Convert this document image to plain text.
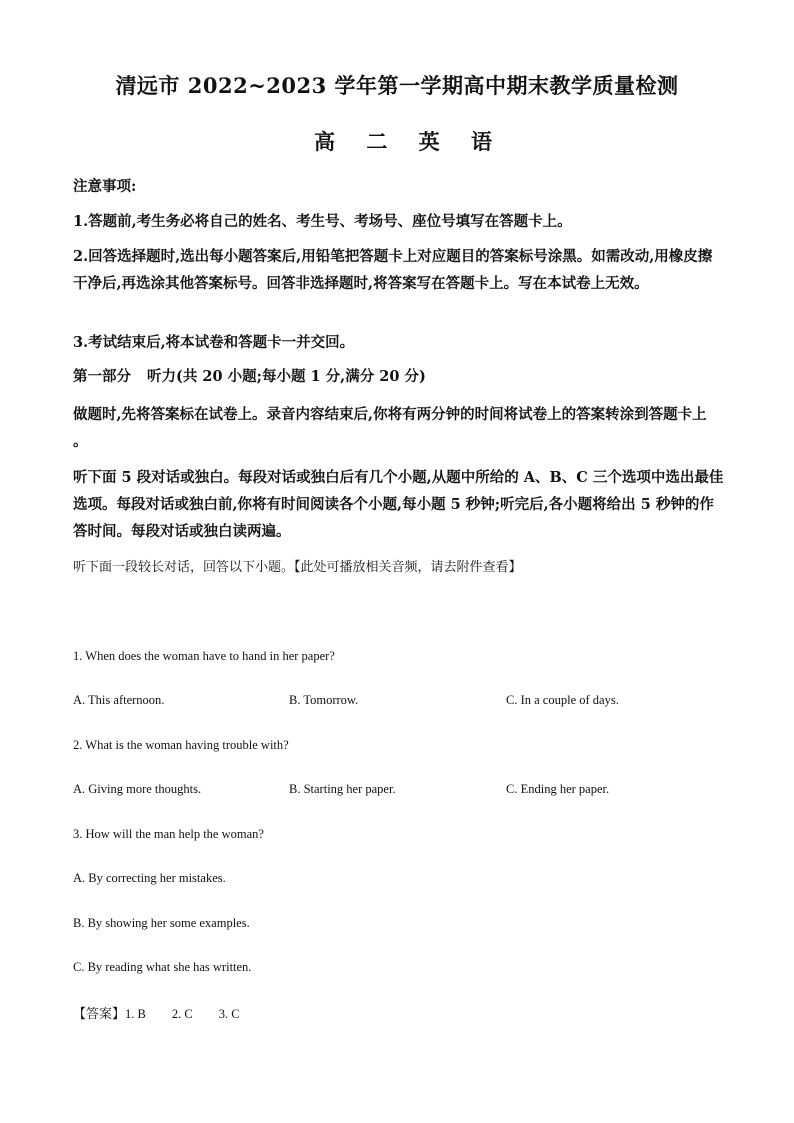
清远市 2022~2023 学年第一学期高中期末教学质量检测
高 二 英 语
注意事项:
1.答题前,考生务必将自己的姓名、考生号、考场号、座位号填写在答题卡上。
2.回答选择题时,选出每小题答案后,用铅笔把答题卡上对应题目的答案标号涂黑。如需改动,用橡皮擦干净后,再选涂其他答案标号。回答非选择题时,将答案写在答题卡上。写在本试卷上无效。
3.考试结束后,将本试卷和答题卡一并交回。
第一部分 听力(共 20 小题;每小题 1 分,满分 20 分)
做题时,先将答案标在试卷上。录音内容结束后,你将有两分钟的时间将试卷上的答案转涂到答题卡上 。
听下面 5 段对话或独白。每段对话或独白后有几个小题,从题中所给的 A、B、C 三个选项中选出最佳选项。每段对话或独白前,你将有时间阅读各个小题,每小题 5 秒钟;听完后,各小题将给出 5 秒钟的作答时间。每段对话或独白读两遍。
听下面一段较长对话，回答以下小题。【此处可播放相关音频，请去附件查看】
1. When does the woman have to hand in her paper?
A. This afternoon.	B. Tomorrow.	C. In a couple of days.
2. What is the woman having trouble with?
A. Giving more thoughts.	B. Starting her paper.	C. Ending her paper.
3. How will the man help the woman?
A. By correcting her mistakes.
B. By showing her some examples.
C. By reading what she has written.
【答案】1. B 2. C 3. C
